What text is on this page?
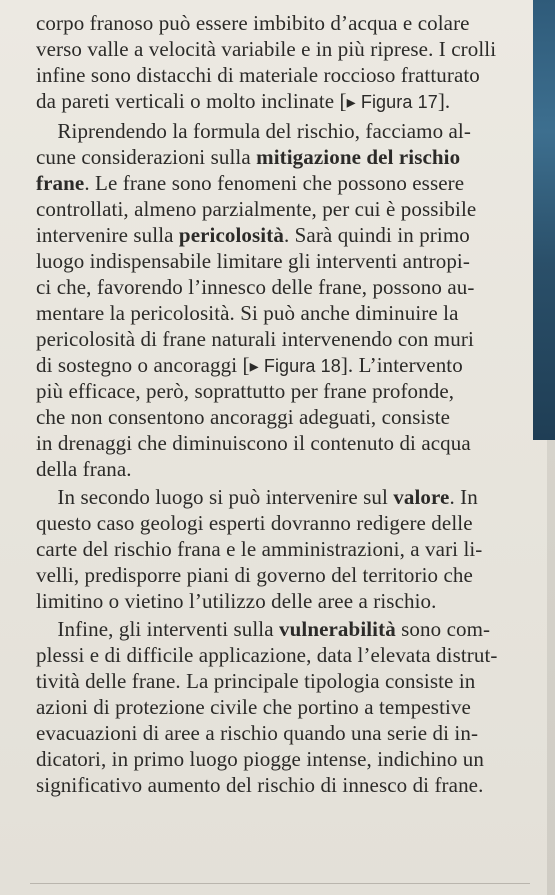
corpo franoso può essere imbibito d’acqua e colare
verso valle a velocità variabile e in più riprese. I crolli
infine sono distacchi di materiale roccioso fratturato
da pareti verticali o molto inclinate [▸ Figura 17].
Riprendendo la formula del rischio, facciamo al-
cune considerazioni sulla mitigazione del rischio
frane. Le frane sono fenomeni che possono essere
controllati, almeno parzialmente, per cui è possibile
intervenire sulla pericolosità. Sarà quindi in primo
luogo indispensabile limitare gli interventi antropi-
ci che, favorendo l’innesco delle frane, possono au-
mentare la pericolosità. Si può anche diminuire la
pericolosità di frane naturali intervenendo con muri
di sostegno o ancoraggi [▸ Figura 18]. L’intervento
più efficace, però, soprattutto per frane profonde,
che non consentono ancoraggi adeguati, consiste
in drenaggi che diminuiscono il contenuto di acqua
della frana.
In secondo luogo si può intervenire sul valore. In
questo caso geologi esperti dovranno redigere delle
carte del rischio frana e le amministrazioni, a vari li-
velli, predisporre piani di governo del territorio che
limitino o vietino l’utilizzo delle aree a rischio.
Infine, gli interventi sulla vulnerabilità sono com-
plessi e di difficile applicazione, data l’elevata distrut-
tività delle frane. La principale tipologia consiste in
azioni di protezione civile che portino a tempestive
evacuazioni di aree a rischio quando una serie di in-
dicatori, in primo luogo piogge intense, indichino un
significativo aumento del rischio di innesco di frane.
